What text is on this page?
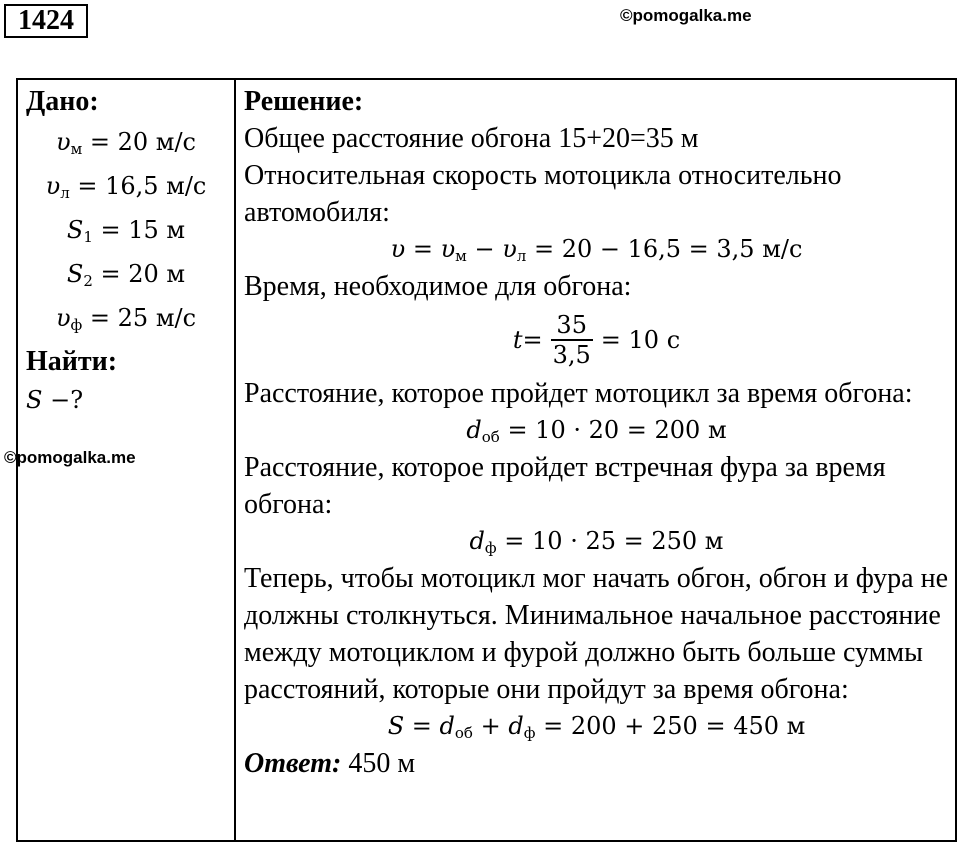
1424	©pomogalka.me
Дано:
$\upsilon_м = 20$ м/с
$\upsilon_л = 16,5$ м/с
$S_1 = 15$ м
$S_2 = 20$ м
$\upsilon_ф = 25$ м/с
Найти:
S −?

Решение:
Общее расстояние обгона 15+20=35 м
Относительная скорость мотоцикла относительно автомобиля:
$\upsilon = \upsilon_м - \upsilon_л = 20 - 16,5 = 3,5$ м/с
Время, необходимое для обгона:
$t = \frac{35}{3,5} = 10$ с
Расстояние, которое пройдет мотоцикл за время обгона:
$d_{об} = 10 \cdot 20 = 200$ м
Расстояние, которое пройдет встречная фура за время обгона:
$d_ф = 10 \cdot 25 = 250$ м
Теперь, чтобы мотоцикл мог начать обгон, обгон и фура не должны столкнуться. Минимальное начальное расстояние между мотоциклом и фурой должно быть больше суммы расстояний, которые они пройдут за время обгона:
$S = d_{об} + d_ф = 200 + 250 = 450$ м
Ответ: 450 м
©pomogalka.me
